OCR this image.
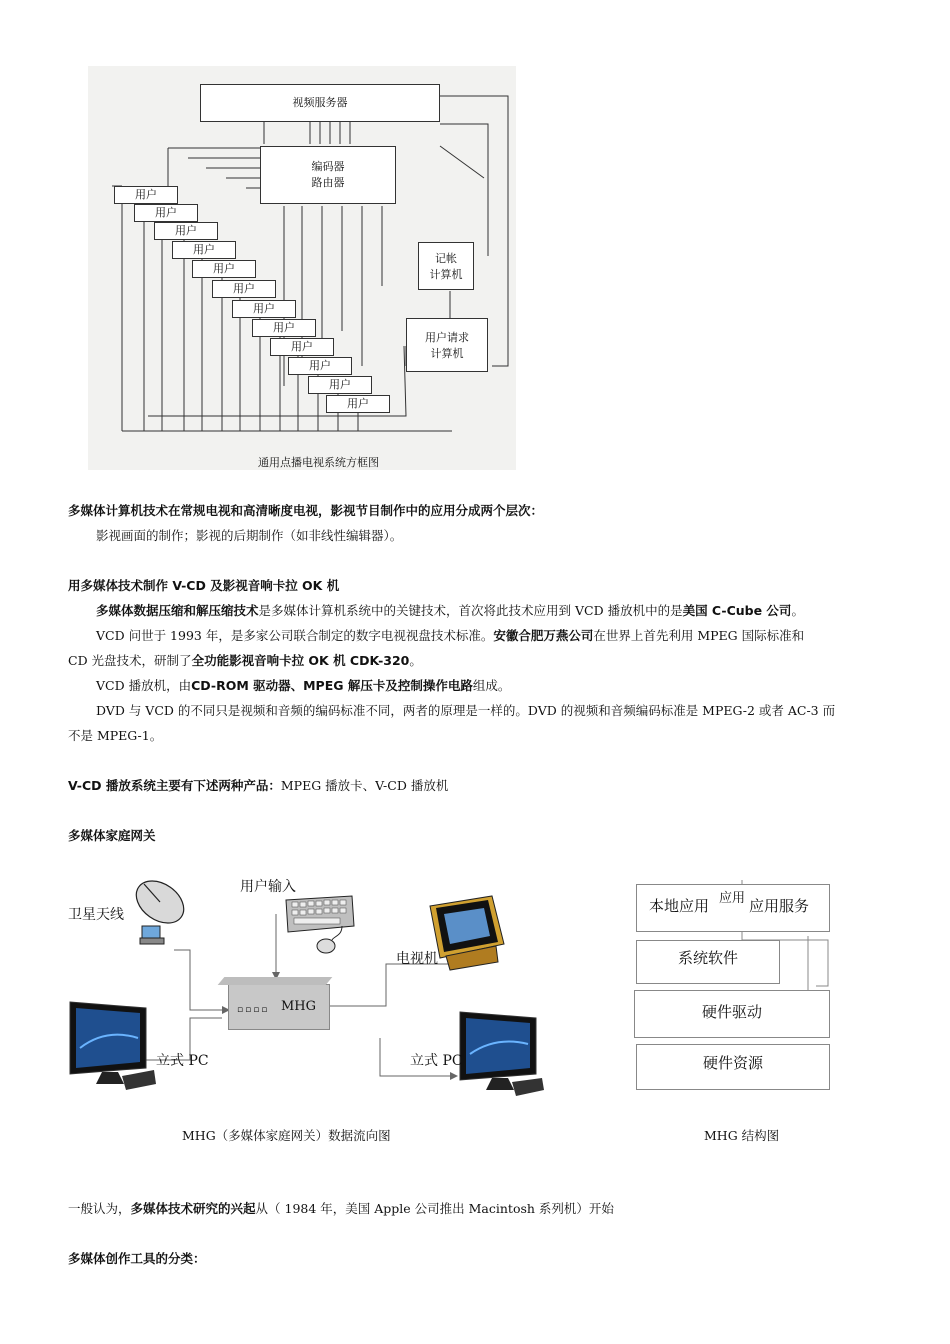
视频服务器
编码器
路由器
用户
用户
用户
用户
用户
用户
用户
用户
用户
用户
用户
用户
记帐
计算机
用户请求
计算机
通用点播电视系统方框图
多媒体计算机技术在常规电视和高清晰度电视，影视节目制作中的应用分成两个层次：
影视画面的制作；影视的后期制作（如非线性编辑器）。
用多媒体技术制作 V-CD 及影视音响卡拉 OK 机
多媒体数据压缩和解压缩技术是多媒体计算机系统中的关键技术，首次将此技术应用到 VCD 播放机中的是美国 C-Cube 公司。
VCD 问世于 1993 年，是多家公司联合制定的数字电视视盘技术标准。安徽合肥万燕公司在世界上首先利用 MPEG 国际标准和
CD 光盘技术，研制了全功能影视音响卡拉 OK 机 CDK-320。
VCD 播放机，由CD-ROM 驱动器、MPEG 解压卡及控制操作电路组成。
DVD 与 VCD 的不同只是视频和音频的编码标准不同，两者的原理是一样的。DVD 的视频和音频编码标准是 MPEG-2 或者 AC-3 而
不是 MPEG-1。
V-CD 播放系统主要有下述两种产品：MPEG 播放卡、V-CD 播放机
多媒体家庭网关
卫星天线
用户输入
电视机
▫▫▫▫ MHG
立式 PC	立式 PC
MHG（多媒体家庭网关）数据流向图
本地应用 应用 应用服务
系统软件
硬件驱动
硬件资源
MHG 结构图
一般认为，多媒体技术研究的兴起从（ 1984 年，美国 Apple 公司推出 Macintosh 系列机）开始
多媒体创作工具的分类：
